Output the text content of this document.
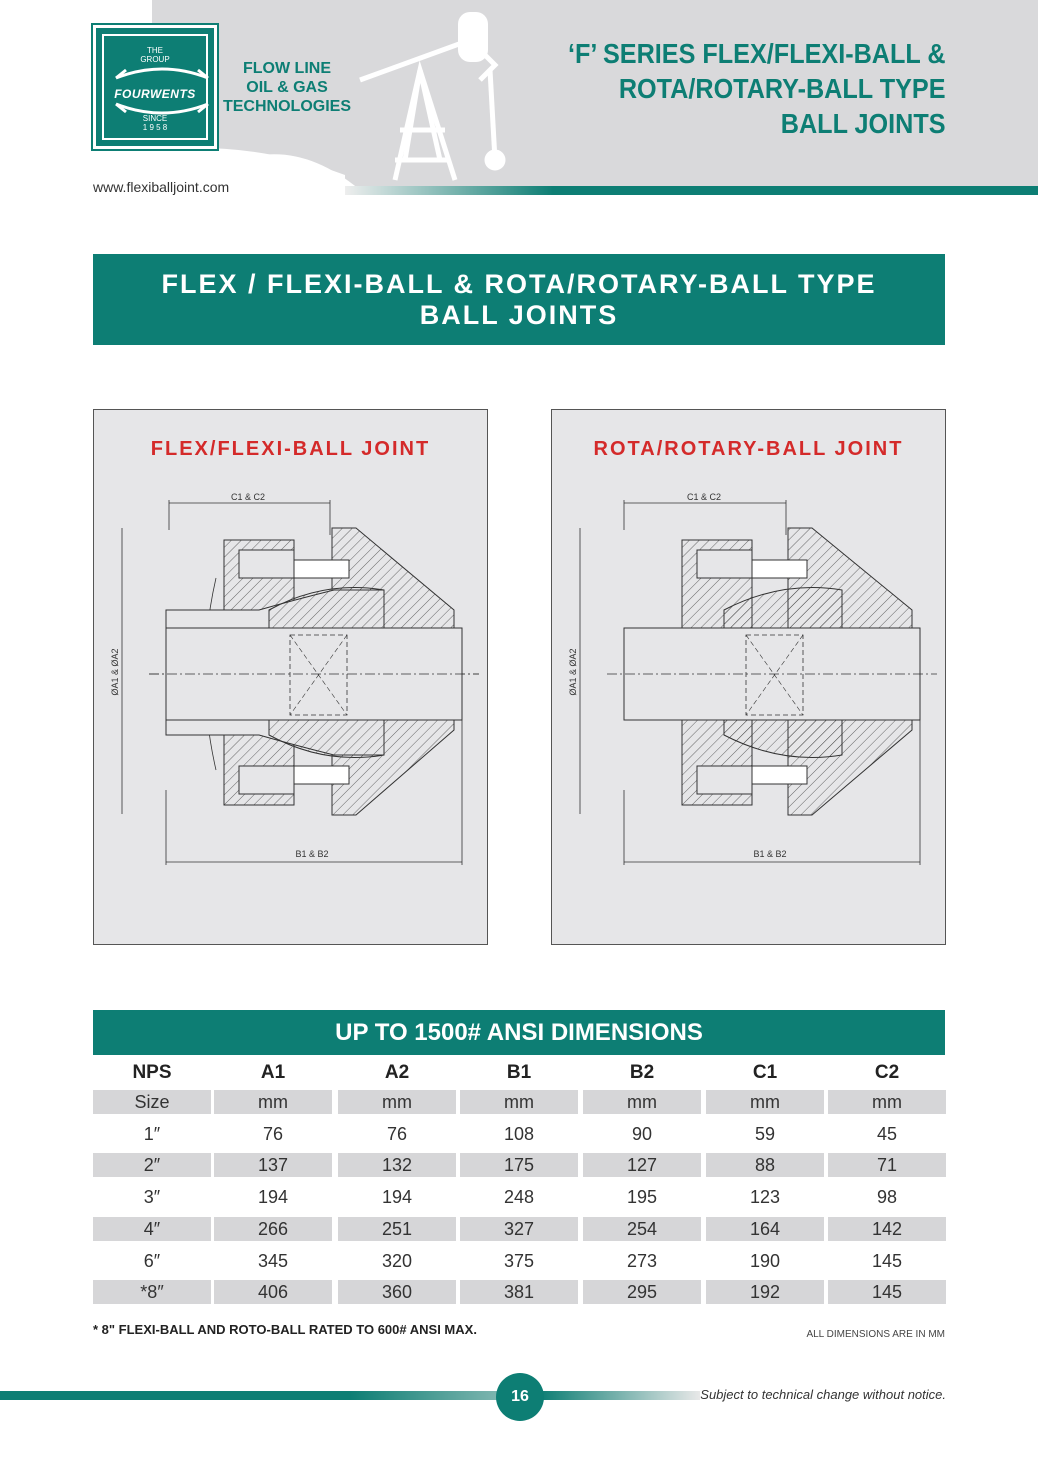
THE
GROUP
FOURWENTS
SINCE
1 9 5 8
FLOW LINE
OIL & GAS
TECHNOLOGIES
‘F’ SERIES FLEX/FLEXI-BALL &
ROTA/ROTARY-BALL TYPE
BALL JOINTS
www.flexiballjoint.com
FLEX / FLEXI-BALL & ROTA/ROTARY-BALL TYPE
BALL JOINTS
FLEX/FLEXI-BALL JOINT
C1 & C2
ØA1 & ØA2
B1 & B2
ROTA/ROTARY-BALL JOINT
C1 & C2
ØA1 & ØA2
B1 & B2
UP TO 1500# ANSI DIMENSIONS
NPS	A1	A2	B1	B2	C1	C2
Size	mm	mm	mm	mm	mm	mm
1″	76	76	108	90	59	45
2″	137	132	175	127	88	71
3″	194	194	248	195	123	98
4″	266	251	327	254	164	142
6″	345	320	375	273	190	145
*8″	406	360	381	295	192	145
* 8" FLEXI-BALL AND ROTO-BALL RATED TO 600# ANSI MAX.	ALL DIMENSIONS ARE IN MM
16	Subject to technical change without notice.
